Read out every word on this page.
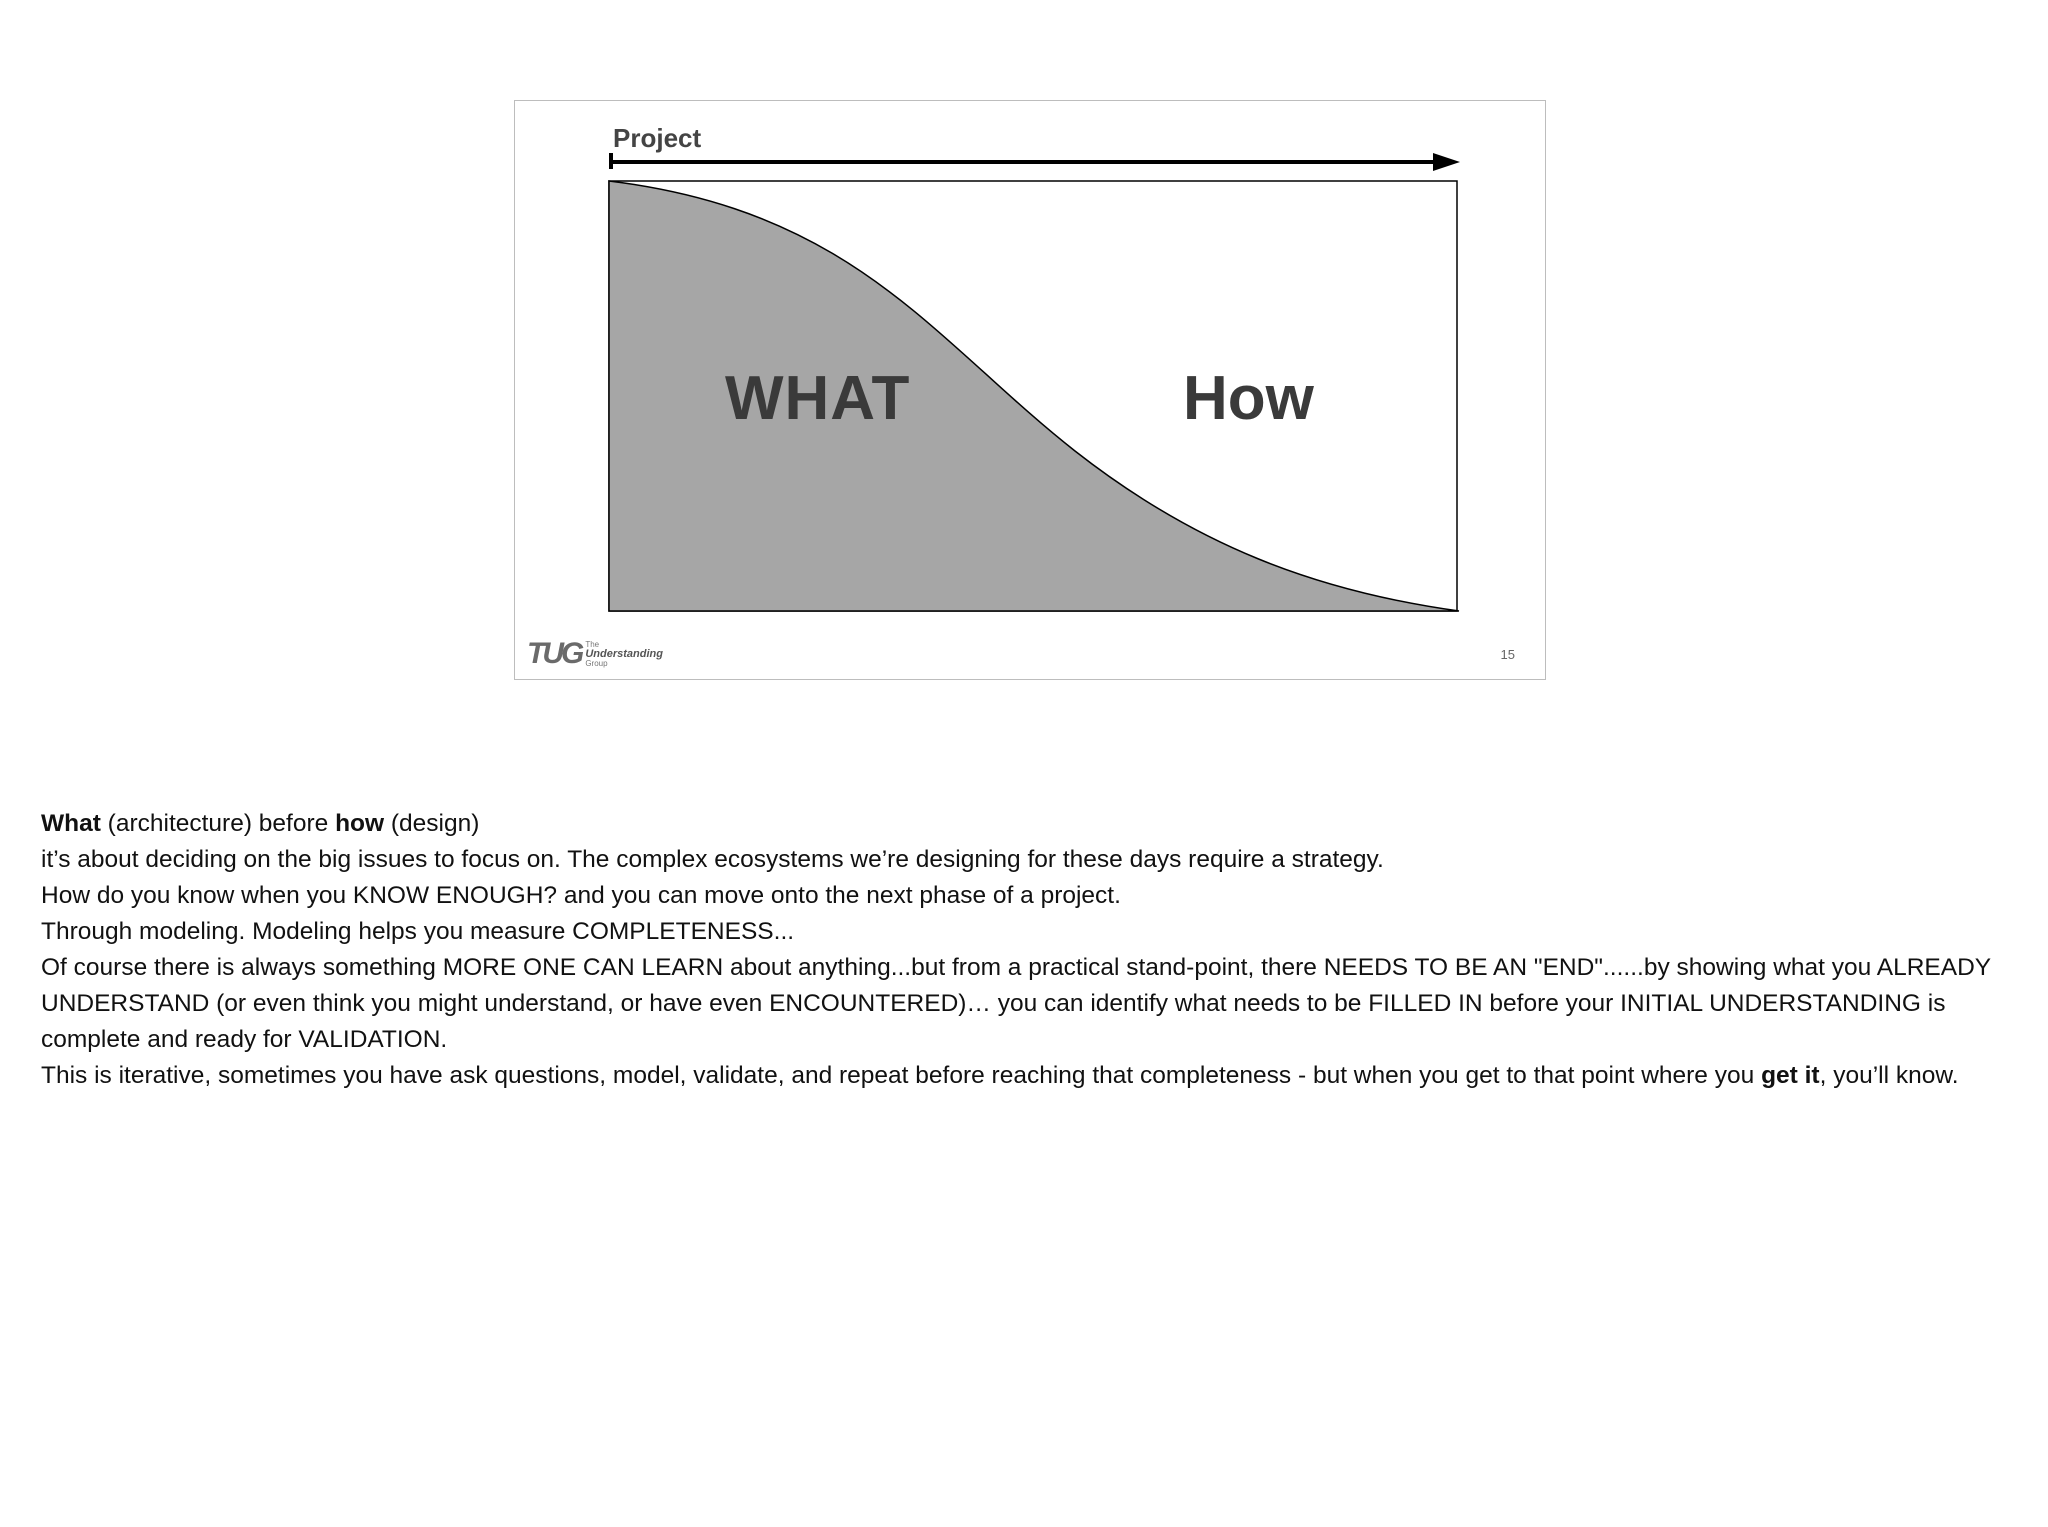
Project
WHAT	How
TUG The
Understanding
Group
15

What (architecture) before how (design)

it’s about deciding on the big issues to focus on. The complex ecosystems we’re designing for these days require a strategy.

How do you know when you KNOW ENOUGH? and you can move onto the next phase of a project.

Through modeling. Modeling helps you measure COMPLETENESS...

Of course there is always something MORE ONE CAN LEARN about anything...but from a practical stand-point, there NEEDS TO BE AN "END"......by showing what you ALREADY UNDERSTAND (or even think you might understand, or have even ENCOUNTERED)… you can identify what needs to be FILLED IN before your INITIAL UNDERSTANDING is complete and ready for VALIDATION.

This is iterative, sometimes you have ask questions, model, validate, and repeat before reaching that completeness - but when you get to that point where you get it, you’ll know.
